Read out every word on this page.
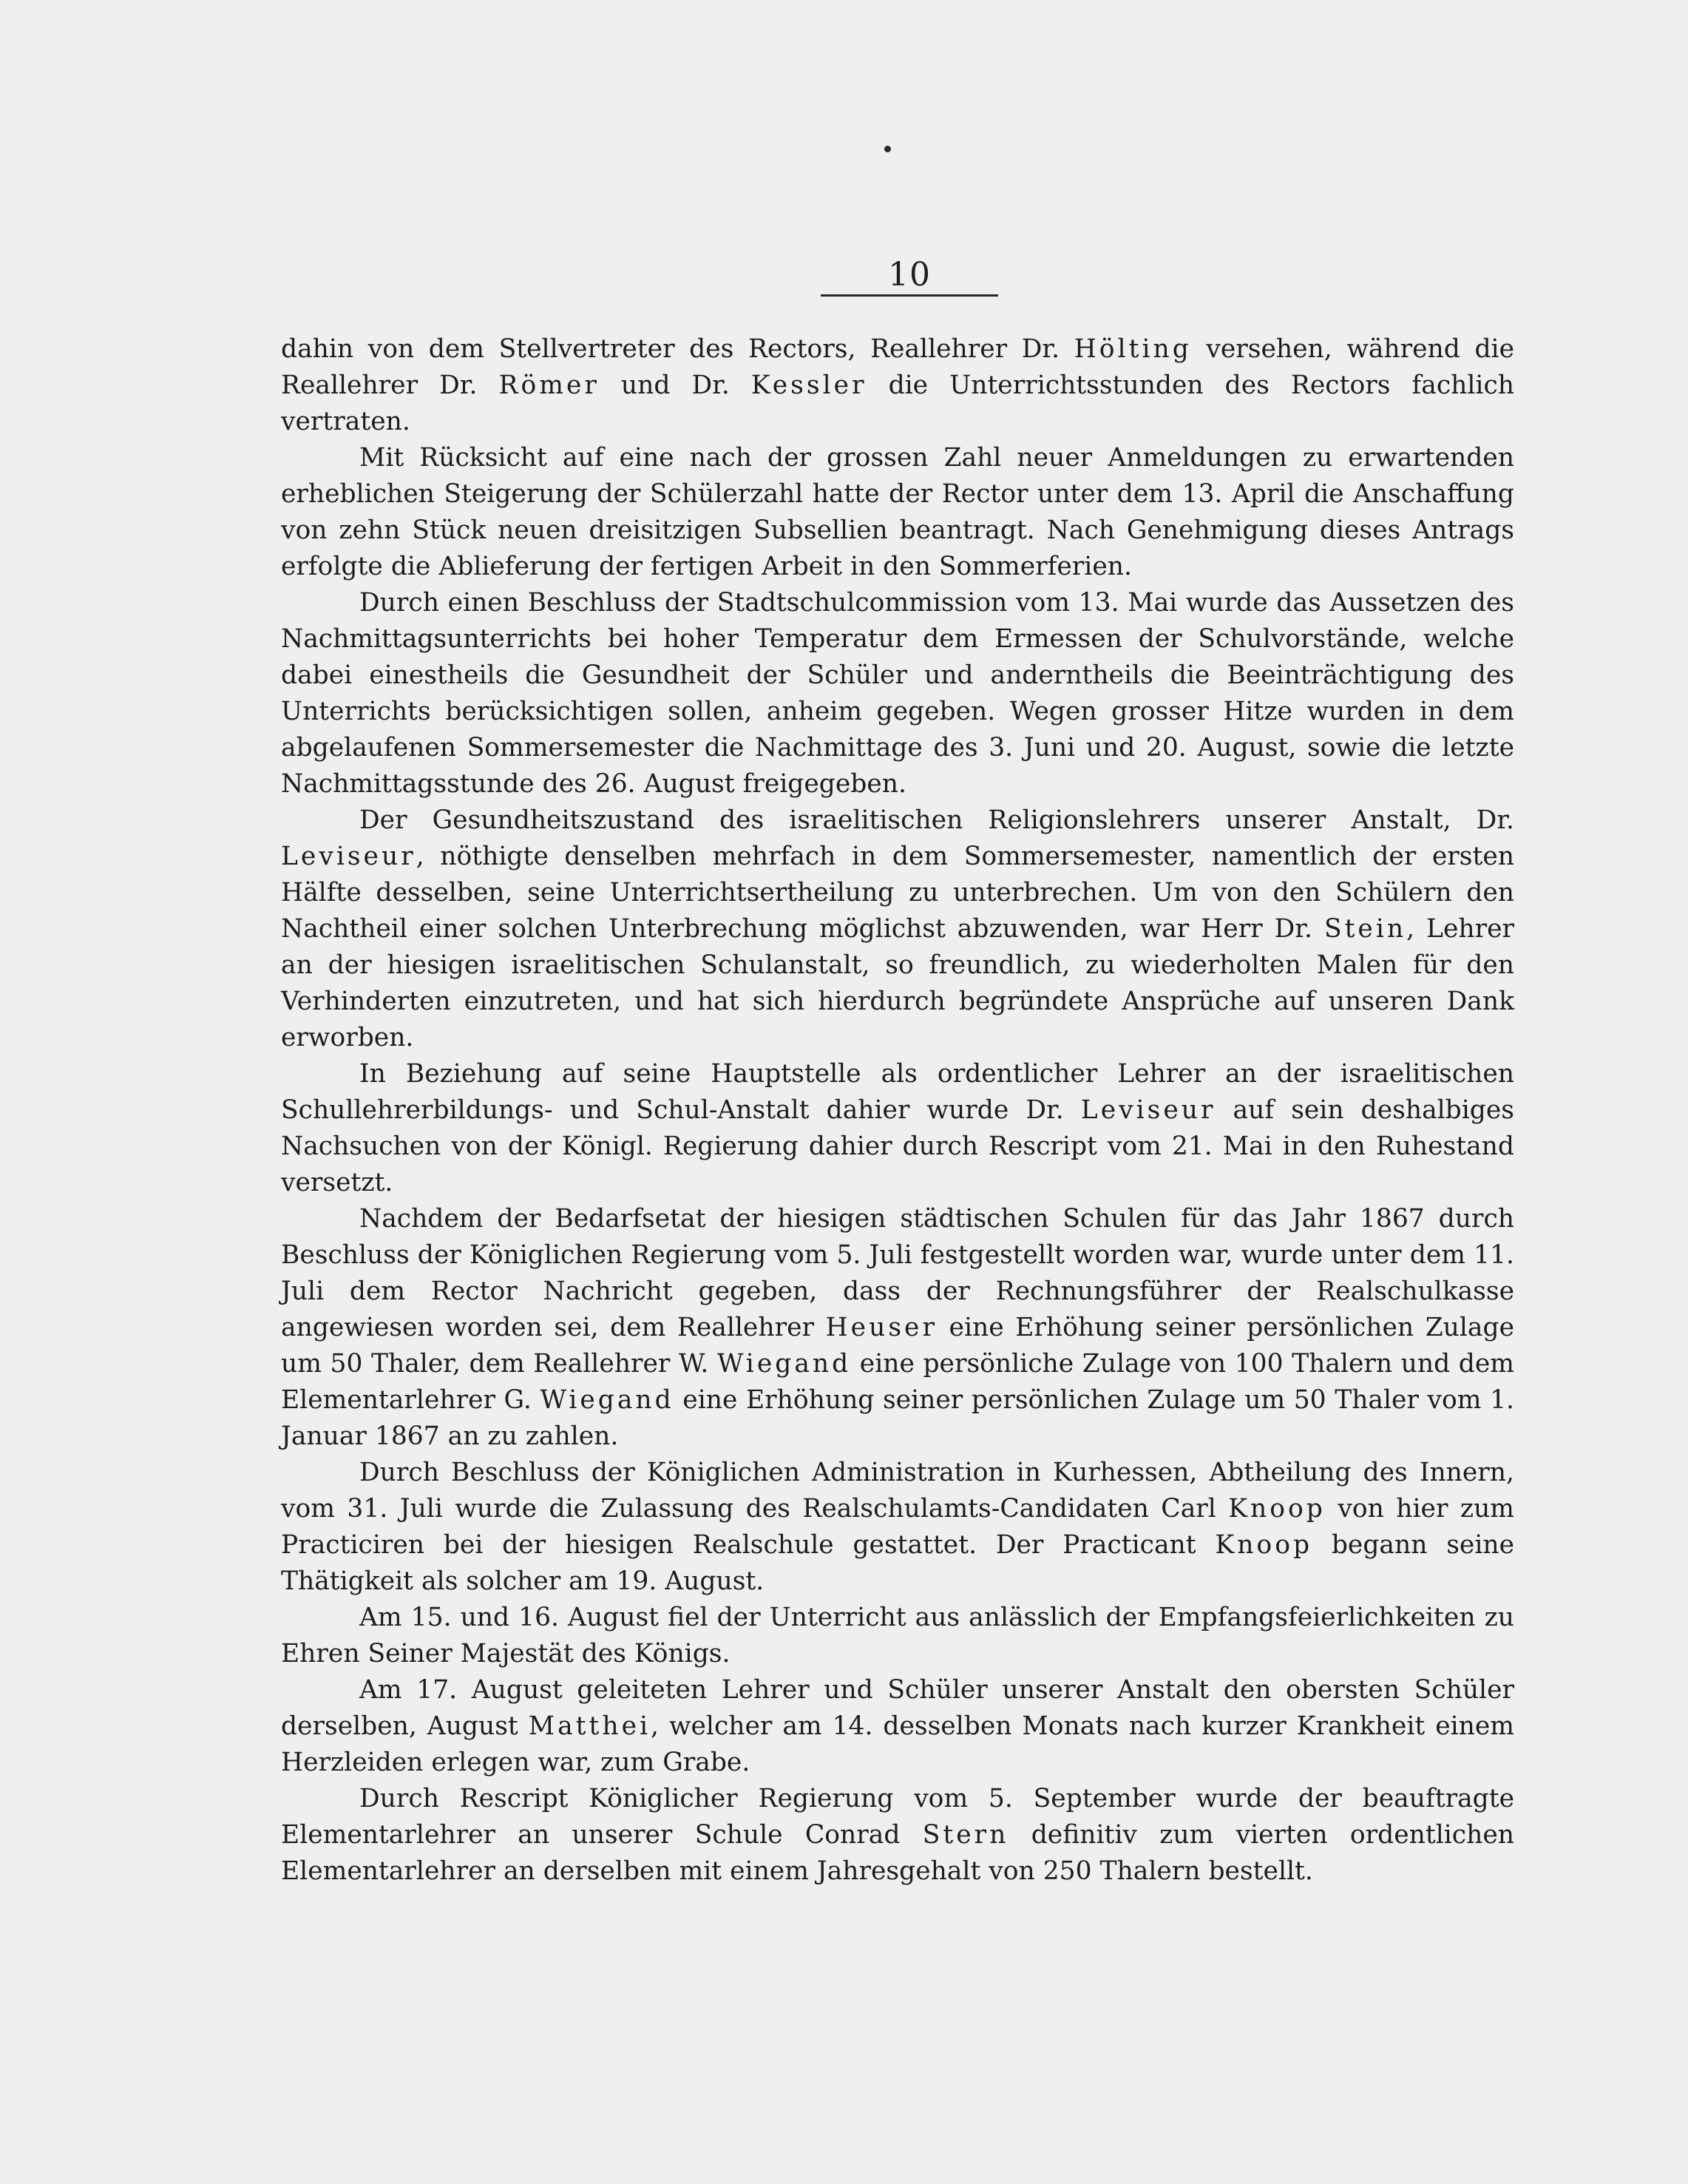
10

dahin von dem Stellvertreter des Rectors, Reallehrer Dr. Hölting versehen, während die Reallehrer Dr. Römer und Dr. Kessler die Unterrichtsstunden des Rectors fachlich vertraten.

Mit Rücksicht auf eine nach der grossen Zahl neuer Anmeldungen zu erwartenden erheblichen Steigerung der Schülerzahl hatte der Rector unter dem 13. April die Anschaffung von zehn Stück neuen dreisitzigen Subsellien beantragt. Nach Genehmigung dieses Antrags erfolgte die Ablieferung der fertigen Arbeit in den Sommerferien.

Durch einen Beschluss der Stadtschulcommission vom 13. Mai wurde das Aussetzen des Nachmittagsunterrichts bei hoher Temperatur dem Ermessen der Schulvorstände, welche dabei einestheils die Gesundheit der Schüler und anderntheils die Beeinträchtigung des Unterrichts berücksichtigen sollen, anheim gegeben. Wegen grosser Hitze wurden in dem abgelaufenen Sommersemester die Nachmittage des 3. Juni und 20. August, sowie die letzte Nachmittagsstunde des 26. August freigegeben.

Der Gesundheitszustand des israelitischen Religionslehrers unserer Anstalt, Dr. Leviseur, nöthigte denselben mehrfach in dem Sommersemester, namentlich der ersten Hälfte desselben, seine Unterrichtsertheilung zu unterbrechen. Um von den Schülern den Nachtheil einer solchen Unterbrechung möglichst abzuwenden, war Herr Dr. Stein, Lehrer an der hiesigen israelitischen Schulanstalt, so freundlich, zu wiederholten Malen für den Verhinderten einzutreten, und hat sich hierdurch begründete Ansprüche auf unseren Dank erworben.

In Beziehung auf seine Hauptstelle als ordentlicher Lehrer an der israelitischen Schullehrerbildungs- und Schul-Anstalt dahier wurde Dr. Leviseur auf sein deshalbiges Nachsuchen von der Königl. Regierung dahier durch Rescript vom 21. Mai in den Ruhestand versetzt.

Nachdem der Bedarfsetat der hiesigen städtischen Schulen für das Jahr 1867 durch Beschluss der Königlichen Regierung vom 5. Juli festgestellt worden war, wurde unter dem 11. Juli dem Rector Nachricht gegeben, dass der Rechnungsführer der Realschulkasse angewiesen worden sei, dem Reallehrer Heuser eine Erhöhung seiner persönlichen Zulage um 50 Thaler, dem Reallehrer W. Wiegand eine persönliche Zulage von 100 Thalern und dem Elementarlehrer G. Wiegand eine Erhöhung seiner persönlichen Zulage um 50 Thaler vom 1. Januar 1867 an zu zahlen.

Durch Beschluss der Königlichen Administration in Kurhessen, Abtheilung des Innern, vom 31. Juli wurde die Zulassung des Realschulamts-Candidaten Carl Knoop von hier zum Practiciren bei der hiesigen Realschule gestattet. Der Practicant Knoop begann seine Thätigkeit als solcher am 19. August.

Am 15. und 16. August fiel der Unterricht aus anlässlich der Empfangsfeierlichkeiten zu Ehren Seiner Majestät des Königs.

Am 17. August geleiteten Lehrer und Schüler unserer Anstalt den obersten Schüler derselben, August Matthei, welcher am 14. desselben Monats nach kurzer Krankheit einem Herzleiden erlegen war, zum Grabe.

Durch Rescript Königlicher Regierung vom 5. September wurde der beauftragte Elementarlehrer an unserer Schule Conrad Stern definitiv zum vierten ordentlichen Elementarlehrer an derselben mit einem Jahresgehalt von 250 Thalern bestellt.
